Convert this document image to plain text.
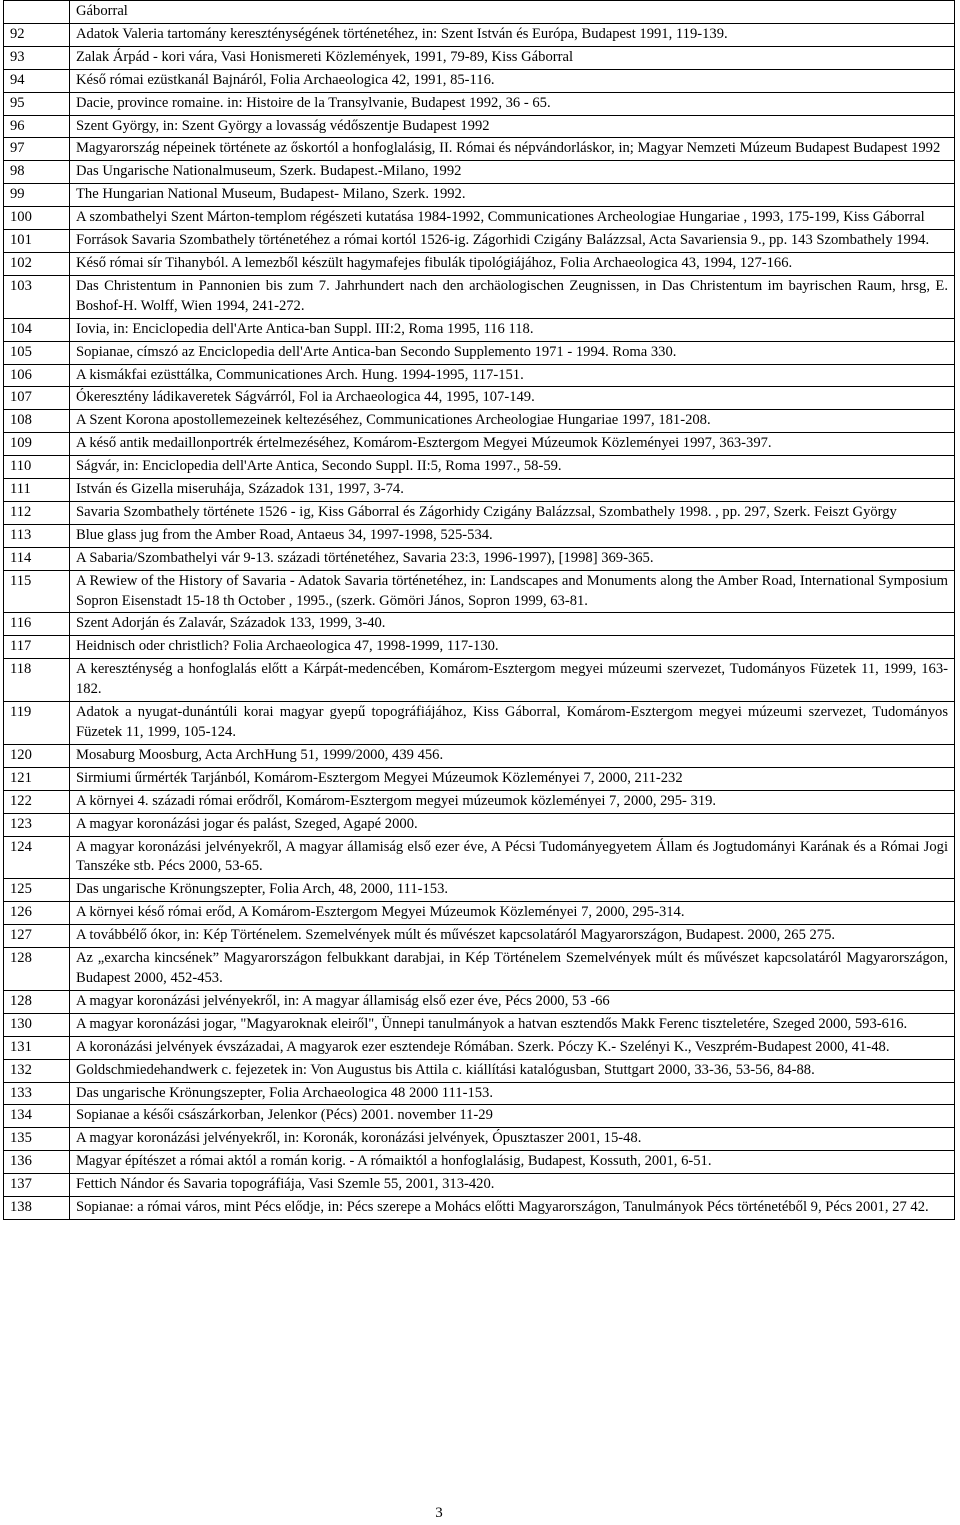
	Gáborral
92	Adatok Valeria tartomány kereszténységének történetéhez, in: Szent István és Európa, Budapest 1991, 119-139.
93	Zalak Árpád - kori vára, Vasi Honismereti Közlemények, 1991, 79-89, Kiss Gáborral
94	Késő római ezüstkanál Bajnáról, Folia Archaeologica 42, 1991, 85-116.
95	Dacie, province romaine. in: Histoire de la Transylvanie, Budapest 1992, 36 - 65.
96	Szent György, in: Szent György a lovasság védőszentje Budapest 1992
97	Magyarország népeinek története az őskortól a honfoglalásig, II. Római és népvándorláskor, in; Magyar Nemzeti Múzeum Budapest Budapest 1992
98	Das Ungarische Nationalmuseum, Szerk. Budapest.-Milano, 1992
99	The Hungarian National Museum, Budapest- Milano, Szerk. 1992.
100	A szombathelyi Szent Márton-templom régészeti kutatása 1984-1992, Communicationes Archeologiae Hungariae , 1993, 175-199, Kiss Gáborral
101	Források Savaria Szombathely történetéhez a római kortól 1526-ig. Zágorhidi Czigány Balázzsal, Acta Savariensia 9., pp. 143 Szombathely 1994.
102	Késő római sír Tihanyból. A lemezből készült hagymafejes fibulák tipológiájához, Folia Archaeologica 43, 1994, 127-166.
103	Das Christentum in Pannonien bis zum 7. Jahrhundert nach den archäologischen Zeugnissen, in Das Christentum im bayrischen Raum, hrsg, E. Boshof-H. Wolff, Wien 1994, 241-272.
104	Iovia, in: Enciclopedia dell'Arte Antica-ban Suppl. III:2, Roma 1995, 116 118.
105	Sopianae, címszó az Enciclopedia dell'Arte Antica-ban Secondo Supplemento 1971 - 1994. Roma 330.
106	A kismákfai ezüsttálka, Communicationes Arch. Hung. 1994-1995, 117-151.
107	Ókeresztény ládikaveretek Ságvárról, Fol ia Archaeologica 44, 1995, 107-149.
108	A Szent Korona apostollemezeinek keltezéséhez, Communicationes Archeologiae Hungariae 1997, 181-208.
109	A késő antik medaillonportrék értelmezéséhez, Komárom-Esztergom Megyei Múzeumok Közleményei 1997, 363-397.
110	Ságvár, in: Enciclopedia dell'Arte Antica, Secondo Suppl. II:5, Roma 1997., 58-59.
111	István és Gizella miseruhája, Századok 131, 1997, 3-74.
112	Savaria Szombathely története 1526 - ig, Kiss Gáborral és Zágorhidy Czigány Balázzsal, Szombathely 1998. , pp. 297, Szerk. Feiszt György
113	Blue glass jug from the Amber Road, Antaeus 34, 1997-1998, 525-534.
114	A Sabaria/Szombathelyi vár 9-13. századi történetéhez, Savaria 23:3, 1996-1997), [1998] 369-365.
115	A Rewiew of the History of Savaria - Adatok Savaria történetéhez, in: Landscapes and Monuments along the Amber Road, International Symposium Sopron Eisenstadt 15-18 th October , 1995., (szerk. Gömöri János, Sopron 1999, 63-81.
116	Szent Adorján és Zalavár, Századok 133, 1999, 3-40.
117	Heidnisch oder christlich? Folia Archaeologica 47, 1998-1999, 117-130.
118	A kereszténység a honfoglalás előtt a Kárpát-medencében, Komárom-Esztergom megyei múzeumi szervezet, Tudományos Füzetek 11, 1999, 163-182.
119	Adatok a nyugat-dunántúli korai magyar gyepű topográfiájához, Kiss Gáborral, Komárom-Esztergom megyei múzeumi szervezet, Tudományos Füzetek 11, 1999, 105-124.
120	Mosaburg Moosburg, Acta ArchHung 51, 1999/2000, 439 456.
121	Sirmiumi űrmérték Tarjánból, Komárom-Esztergom Megyei Múzeumok Közleményei 7, 2000, 211-232
122	A környei 4. századi római erődről, Komárom-Esztergom megyei múzeumok közleményei 7, 2000, 295- 319.
123	A magyar koronázási jogar és palást, Szeged, Agapé 2000.
124	A magyar koronázási jelvényekről, A magyar államiság első ezer éve, A Pécsi Tudományegyetem Állam és Jogtudományi Karának és a Római Jogi Tanszéke stb. Pécs 2000, 53-65.
125	Das ungarische Krönungszepter, Folia Arch, 48, 2000, 111-153.
126	A környei késő római erőd, A Komárom-Esztergom Megyei Múzeumok Közleményei 7, 2000, 295-314.
127	A továbbélő ókor, in: Kép Történelem. Szemelvények múlt és művészet kapcsolatáról Magyarországon, Budapest. 2000, 265 275.
128	Az „exarcha kincsének” Magyarországon felbukkant darabjai, in Kép Történelem Szemelvények múlt és művészet kapcsolatáról Magyarországon, Budapest 2000, 452-453.
128	A magyar koronázási jelvényekről, in: A magyar államiság első ezer éve, Pécs 2000, 53 -66
130	A magyar koronázási jogar, "Magyaroknak eleiről", Ünnepi tanulmányok a hatvan esztendős Makk Ferenc tiszteletére, Szeged 2000, 593-616.
131	A koronázási jelvények évszázadai, A magyarok ezer esztendeje Rómában. Szerk. Póczy K.- Szelényi K., Veszprém-Budapest 2000, 41-48.
132	Goldschmiedehandwerk c. fejezetek in: Von Augustus bis Attila c. kiállítási katalógusban, Stuttgart 2000, 33-36, 53-56, 84-88.
133	Das ungarische Krönungszepter, Folia Archaeologica 48 2000 111-153.
134	Sopianae a késői császárkorban, Jelenkor (Pécs) 2001. november 11-29
135	A magyar koronázási jelvényekről, in: Koronák, koronázási jelvények, Ópusztaszer 2001, 15-48.
136	Magyar építészet a római aktól a román korig. - A rómaiktól a honfoglalásig, Budapest, Kossuth, 2001, 6-51.
137	Fettich Nándor és Savaria topográfiája, Vasi Szemle 55, 2001, 313-420.
138	Sopianae: a római város, mint Pécs elődje, in: Pécs szerepe a Mohács előtti Magyarországon, Tanulmányok Pécs történetéből 9, Pécs 2001, 27 42.
3
